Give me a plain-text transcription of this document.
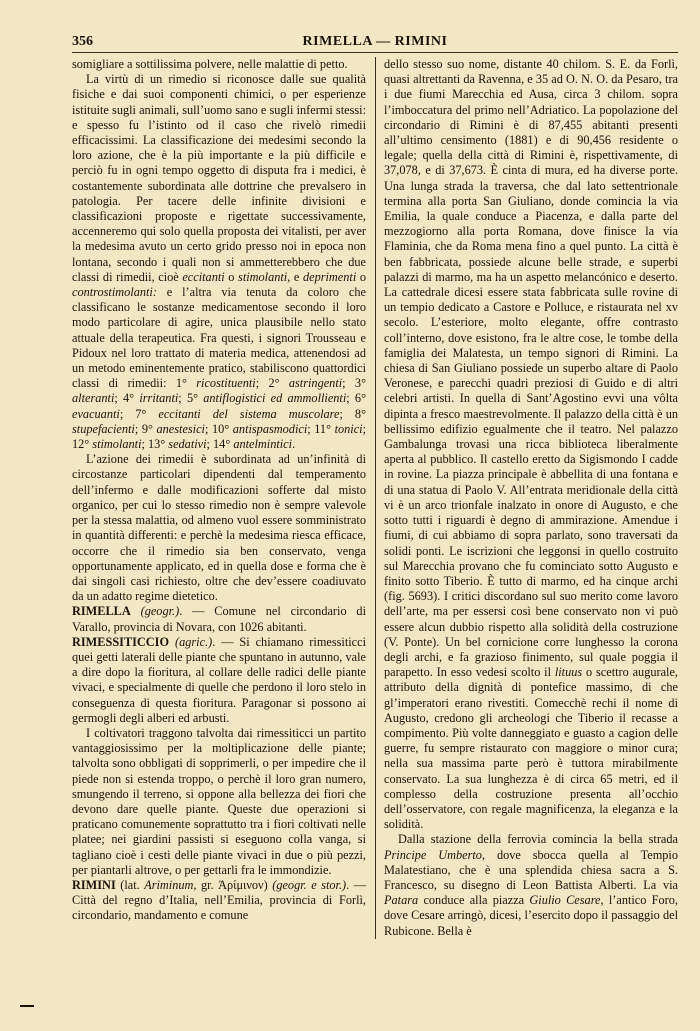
356	RIMELLA — RIMINI

somigliare a sottilissima polvere, nelle malattie di petto.

La virtù di un rimedio si riconosce dalle sue qualità fisiche e dai suoi componenti chimici, o per esperienze istituite sugli animali, sull’uomo sano e sugli infermi stessi: e spesso fu l’istinto od il caso che rivelò rimedii efficacissimi. La classificazione dei medesimi secondo la loro azione, che è la più importante e la più difficile e perciò fu in ogni tempo oggetto di disputa fra i medici, è costantemente subordinata alle dottrine che prevalsero in patologia. Per tacere delle infinite divisioni e classificazioni proposte e rigettate successivamente, accenneremo qui solo quella proposta dei vitalisti, per aver la medesima avuto un certo grido presso noi in epoca non lontana, secondo i quali non si ammetterebbero che due classi di rimedii, cioè eccitanti o stimolanti, e deprimenti o controstimolanti: e l’altra via tenuta da coloro che classificano le sostanze medicamentose secondo il loro modo particolare di agire, unica plausibile nello stato attuale della terapeutica. Fra questi, i signori Trousseau e Pidoux nel loro trattato di materia medica, attenendosi ad un metodo eminentemente pratico, stabiliscono quattordici classi di rimedii: 1° ricostituenti; 2° astringenti; 3° alteranti; 4° irritanti; 5° antiflogistici ed ammollienti; 6° evacuanti; 7° eccitanti del sistema muscolare; 8° stupefacienti; 9° anestesici; 10° antispasmodici; 11° tonici; 12° stimolanti; 13° sedativi; 14° antelmintici.

L’azione dei rimedii è subordinata ad un’infinità di circostanze particolari dipendenti dal temperamento dell’infermo e dalle modificazioni sofferte dal misto organico, per cui lo stesso rimedio non è sempre valevole per la stessa malattia, od almeno vuol essere somministrato in quantità differenti: e perchè la medesima riesca efficace, occorre che il rimedio sia ben conservato, venga opportunamente applicato, ed in quella dose e forma che è dai singoli casi richiesto, oltre che dev’essere coadiuvato da un adatto regime dietetico.

RIMELLA (geogr.). — Comune nel circondario di Varallo, provincia di Novara, con 1026 abitanti.

RIMESSITICCIO (agric.). — Si chiamano rimessiticci quei getti laterali delle piante che spuntano in autunno, vale a dire dopo la fioritura, al collare delle radici delle piante vivaci, e specialmente di quelle che perdono il loro stelo in conseguenza di questa fioritura. Paragonar si possono ai germogli degli alberi ed arbusti.

I coltivatori traggono talvolta dai rimessiticci un partito vantaggiosissimo per la moltiplicazione delle piante; talvolta sono obbligati di sopprimerli, o per impedire che il piede non si estenda troppo, o perchè il loro gran numero, smungendo il terreno, si oppone alla bellezza dei fiori che devono dare quelle piante. Queste due operazioni si praticano comunemente soprattutto tra i fiori coltivati nelle platee; nei giardini passisti si eseguono colla vanga, si tagliano cioè i cesti delle piante vivaci in due o più pezzi, per piantarli altrove, o per gettarli fra le immondizie.

RIMINI (lat. Ariminum, gr. Ἀρίμινον) (geogr. e stor.). — Città del regno d’Italia, nell’Emilia, provincia di Forlì, circondario, mandamento e comune

dello stesso suo nome, distante 40 chilom. S. E. da Forlì, quasi altrettanti da Ravenna, e 35 ad O. N. O. da Pesaro, tra i due fiumi Marecchia ed Ausa, circa 3 chilom. sopra l’imboccatura del primo nell’Adriatico. La popolazione del circondario di Rimini è di 87,455 abitanti presenti all’ultimo censimento (1881) e di 90,456 residente o legale; quella della città di Rimini è, rispettivamente, di 37,078, e di 37,673. È cinta di mura, ed ha diverse porte. Una lunga strada la traversa, che dal lato settentrionale termina alla porta San Giuliano, donde comincia la via Emilia, la quale conduce a Piacenza, e dalla parte del mezzogiorno alla porta Romana, dove finisce la via Flaminia, che da Roma mena fino a quel punto. La città è ben fabbricata, possiede alcune belle strade, e superbi palazzi di marmo, ma ha un aspetto melancónico e deserto. La cattedrale dicesi essere stata fabbricata sulle rovine di un tempio dedicato a Castore e Polluce, e ristaurata nel xv secolo. L’esteriore, molto elegante, offre contrasto coll’interno, dove esistono, fra le altre cose, le tombe della famiglia dei Malatesta, un tempo signori di Rimini. La chiesa di San Giuliano possiede un superbo altare di Paolo Veronese, e parecchi quadri preziosi di Guido e di altri celebri artisti. In quella di Sant’Agostino evvi una vôlta dipinta a fresco maestrevolmente. Il palazzo della città è un bellissimo edifizio egualmente che il teatro. Nel palazzo Gambalunga trovasi una ricca biblioteca liberalmente aperta al pubblico. Il castello eretto da Sigismondo I cadde in rovine. La piazza principale è abbellita di una fontana e di una statua di Paolo V. All’entrata meridionale della città vi è un arco trionfale inalzato in onore di Augusto, e che sotto tutti i riguardi è degno di ammirazione. Amendue i fiumi, di cui abbiamo di sopra parlato, sono traversati da solidi ponti. Le iscrizioni che leggonsi in quello costruito sul Marecchia provano che fu cominciato sotto Augusto e finito sotto Tiberio. È tutto di marmo, ed ha cinque archi (fig. 5693). I critici discordano sul suo merito come lavoro dell’arte, ma per essersi così bene conservato non vi può essere alcun dubbio rispetto alla solidità della costruzione (V. Ponte). Un bel cornicione corre lunghesso la corona degli archi, e fa grazioso finimento, sul quale poggia il parapetto. In esso vedesi scolto il lituus o scettro augurale, attributo della dignità di pontefice massimo, di che gl’imperatori erano rivestiti. Comecchè rechi il nome di Augusto, credono gli archeologi che Tiberio il recasse a compimento. Più volte danneggiato e guasto a cagion delle guerre, fu sempre ristaurato con maggiore o minor cura; nella sua massima parte però è tuttora mirabilmente conservato. La sua lunghezza è di circa 65 metri, ed il complesso della costruzione presenta all’occhio dell’osservatore, con regale magnificenza, la eleganza e la solidità.

Dalla stazione della ferrovia comincia la bella strada Principe Umberto, dove sbocca quella al Tempio Malatestiano, che è una splendida chiesa sacra a S. Francesco, su disegno di Leon Battista Alberti. La via Patara conduce alla piazza Giulio Cesare, l’antico Foro, dove Cesare arringò, dicesi, l’esercito dopo il passaggio del Rubicone. Bella è
